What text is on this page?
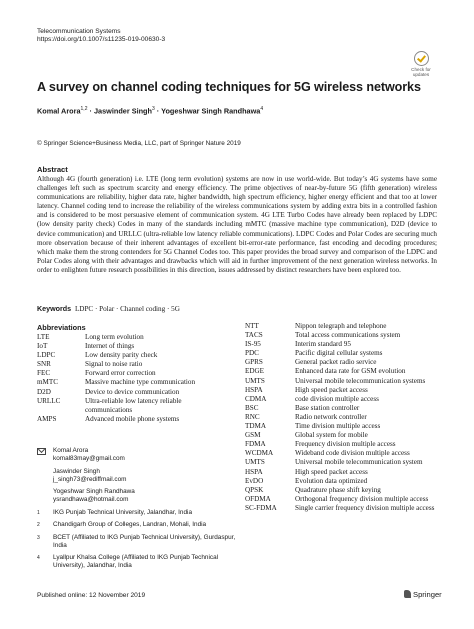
Telecommunication Systems
https://doi.org/10.1007/s11235-019-00630-3
Check for updates
A survey on channel coding techniques for 5G wireless networks
Komal Arora$^{1,2}$ · Jaswinder Singh$^3$ · Yogeshwar Singh Randhawa$^4$
© Springer Science+Business Media, LLC, part of Springer Nature 2019
Abstract
Although 4G (fourth generation) i.e. LTE (long term evolution) systems are now in use world-wide. But today’s 4G systems have some challenges left such as spectrum scarcity and energy efficiency. The prime objectives of near-by-future 5G (fifth generation) wireless communications are reliability, higher data rate, higher bandwidth, high spectrum efficiency, higher energy efficient and that too at lower latency. Channel coding tend to increase the reliability of the wireless communications system by adding extra bits in a controlled fashion and is considered to be most persuasive element of communication system. 4G LTE Turbo Codes have already been replaced by LDPC (low density parity check) Codes in many of the standards including mMTC (massive machine type communication), D2D (device to device communication) and URLLC (ultra-reliable low latency reliable communications). LDPC Codes and Polar Codes are securing much more observation because of their inherent advantages of excellent bit-error-rate performance, fast encoding and decoding procedures; which make them the strong contenders for 5G Channel Codes too. This paper provides the broad survey and comparison of the LDPC and Polar Codes along with their advantages and drawbacks which will aid in further improvement of the next generation wireless networks. In order to enlighten future research possibilities in this direction, issues addressed by distinct researchers have been explored too.
Keywords LDPC · Polar · Channel coding · 5G
Abbreviations
LTE	Long term evolution
IoT	Internet of things
LDPC	Low density parity check
SNR	Signal to noise ratio
FEC	Forward error correction
mMTC	Massive machine type communication
D2D	Device to device communication
URLLC	Ultra-reliable low latency reliable communications
AMPS	Advanced mobile phone systems
NTT	Nippon telegraph and telephone
TACS	Total access communications system
IS-95	Interim standard 95
PDC	Pacific digital cellular systems
GPRS	General packet radio service
EDGE	Enhanced data rate for GSM evolution
UMTS	Universal mobile telecommunication systems
HSPA	High speed packet access
CDMA	code division multiple access
BSC	Base station controller
RNC	Radio network controller
TDMA	Time division multiple access
GSM	Global system for mobile
FDMA	Frequency division multiple access
WCDMA	Wideband code division multiple access
UMTS	Universal mobile telecommunication system
HSPA	High speed packet access
EvDO	Evolution data optimized
QPSK	Quadrature phase shift keying
OFDMA	Orthogonal frequency division multiple access
SC-FDMA	Single carrier frequency division multiple access
Komal Arora
komal83may@gmail.com
Jaswinder Singh
j_singh73@rediffmail.com
Yogeshwar Singh Randhawa
ysrandhawa@hotmail.com
1	IKG Punjab Technical University, Jalandhar, India
2	Chandigarh Group of Colleges, Landran, Mohali, India
3	BCET (Affiliated to IKG Punjab Technical University), Gurdaspur, India
4	Lyallpur Khalsa College (Affiliated to IKG Punjab Technical University), Jalandhar, India
Published online: 12 November 2019	Springer
